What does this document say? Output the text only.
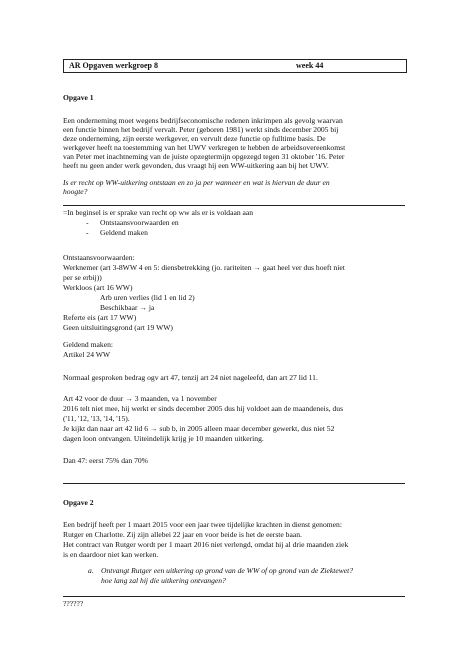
AR Opgaven werkgroep 8	week 44
Opgave 1
Een onderneming moet wegens bedrijfseconomische redenen inkrimpen als gevolg waarvan
een functie binnen het bedrijf vervalt. Peter (geboren 1981) werkt sinds december 2005 bij
deze onderneming, zijn eerste werkgever, en vervult deze functie op fulltime basis. De
werkgever heeft na toestemming van het UWV verkregen te hebben de arbeidsovereenkomst
van Peter met inachtneming van de juiste opzegtermijn opgezegd tegen 31 oktober '16. Peter
heeft nu geen ander werk gevonden, dus vraagt hij een WW-uitkering aan bij het UWV.
Is er recht op WW-uitkering ontstaan en zo ja per wanneer en wat is hiervan de duur en
hoogte?
=In beginsel is er sprake van recht op ww als er is voldaan aan
- Ontstaansvoorwaarden en
- Geldend maken
Ontstaansvoorwaarden:
Werknemer (art 3-8WW 4 en 5: diensbetrekking (jo. rariteiten → gaat heel ver dus hoeft niet
per se erbij))
Werkloos (art 16 WW)
Arb uren verlies (lid 1 en lid 2)
Beschikbaar → ja
Referte eis (art 17 WW)
Geen uitsluitingsgrond (art 19 WW)
Geldend maken:
Artikel 24 WW
Normaal gesproken bedrag ogv art 47, tenzij art 24 niet nageleefd, dan art 27 lid 11.
Art 42 voor de duur → 3 maanden, va 1 november
2016 telt niet mee, hij werkt er sinds december 2005 dus hij voldoet aan de maandeneis, dus
('11, '12, '13, '14, '15).
Je kijkt dan naar art 42 lid 6 → sub b, in 2005 alleen maar december gewerkt, dus niet 52
dagen loon ontvangen. Uiteindelijk krijg je 10 maanden uitkering.
Dan 47: eerst 75% dan 70%
Opgave 2
Een bedrijf heeft per 1 maart 2015 voor een jaar twee tijdelijke krachten in dienst genomen:
Rutger en Charlotte. Zij zijn allebei 22 jaar en voor beide is het de eerste baan.
Het contract van Rutger wordt per 1 maart 2016 niet verlengd, omdat hij al drie maanden ziek
is en daardoor niet kan werken.
a. Ontvangt Rutger een uitkering op grond van de WW of op grond van de Ziektewet?
hoe lang zal hij die uitkering ontvangen?
??????
